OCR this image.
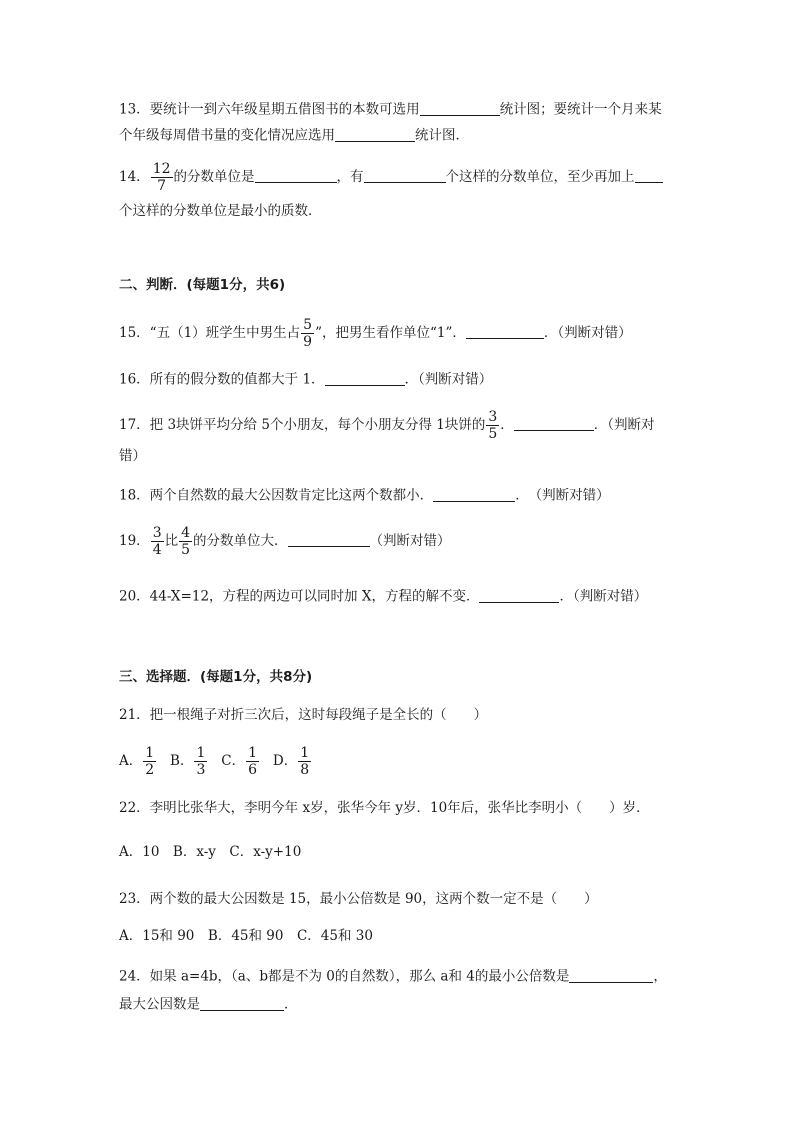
13．要统计一到六年级星期五借图书的本数可选用	统计图；要统计一个月来某
个年级每周借书量的变化情况应选用	统计图．
14． $\frac{12}{7}$ 的分数单位是	，有	个这样的分数单位，至少再加上
个这样的分数单位是最小的质数．
二、判断．(每题1分，共6)
15．“五（1）班学生中男生占 $\frac{5}{9}$ ”，把男生看作单位“1”．	．（判断对错）
16．所有的假分数的值都大于 1．	．（判断对错）
17．把 3块饼平均分给 5个小朋友，每个小朋友分得 1块饼的 $\frac{3}{5}$ ．	．（判断对
错）
18．两个自然数的最大公因数肯定比这两个数都小．	．　（判断对错）
19． $\frac{3}{4}$ 比 $\frac{4}{5}$ 的分数单位大．	（判断对错）
20．44-X=12，方程的两边可以同时加 X，方程的解不变．	．（判断对错）
三、选择题．(每题1分，共8分)
21．把一根绳子对折三次后，这时每段绳子是全长的（　　）
A． $\frac{1}{2}$ B． $\frac{1}{3}$ C． $\frac{1}{6}$ D． $\frac{1}{8}$
22．李明比张华大，李明今年 x岁，张华今年 y岁．10年后，张华比李明小（　　）岁．
A．10　B．x-y　C．x-y+10
23．两个数的最大公因数是 15，最小公倍数是 90，这两个数一定不是（　　）
A．15和 90　B．45和 90　C．45和 30
24．如果 a=4b，（a、b都是不为 0的自然数），那么 a和 4的最小公倍数是	，
最大公因数是	．
